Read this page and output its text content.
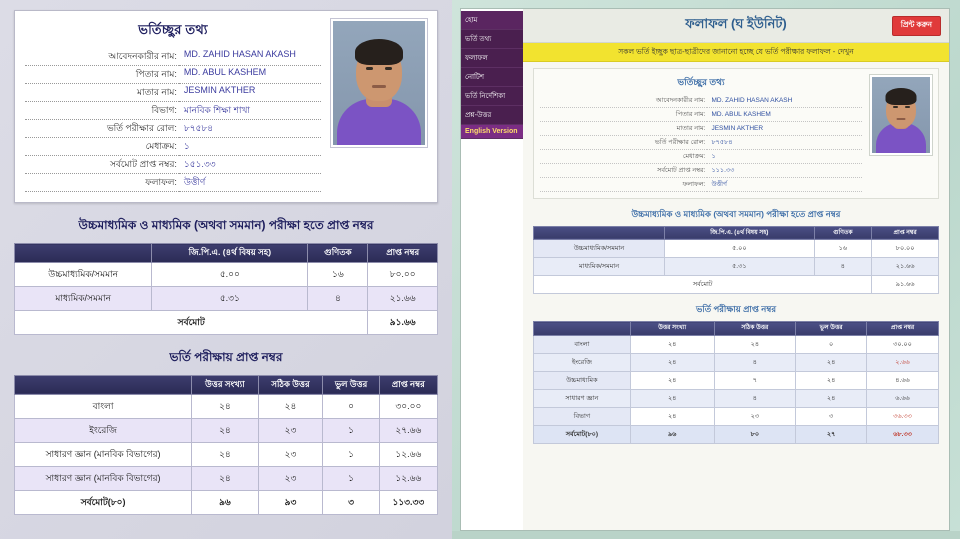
ভর্তিচ্ছুর তথ্য
আবেদনকারীর নাম:	MD. ZAHID HASAN AKASH
পিতার নাম:	MD. ABUL KASHEM
মাতার নাম:	JESMIN AKTHER
বিভাগ:	মানবিক শিক্ষা শাখা
ভর্তি পরীক্ষার রোল:	৮৭৫৮৪
মেধাক্রম:	১
সর্বমোট প্রাপ্ত নম্বর:	১৫১.৩৩
ফলাফল:	উত্তীর্ণ
উচ্চমাধ্যমিক ও মাধ্যমিক (অথবা সমমান) পরীক্ষা হতে প্রাপ্ত নম্বর
	জি.পি.এ. (৪র্থ বিষয় সহ)	গুণিতক	প্রাপ্ত নম্বর
উচ্চমাধ্যমিক/সমমান	৫.০০	১৬	৮০.০০
মাধ্যমিক/সমমান	৫.৩১	৪	২১.৬৬
সর্বমোট			৯১.৬৬
ভর্তি পরীক্ষায় প্রাপ্ত নম্বর
	উত্তর সংখ্যা	সঠিক উত্তর	ভুল উত্তর	প্রাপ্ত নম্বর
বাংলা	২৪	২৪	০	৩০.০০
ইংরেজি	২৪	২৩	১	২৭.৬৬
সাধারণ জ্ঞান (মানবিক বিভাগের)	২৪	২৩	১	১২.৬৬
সাধারণ জ্ঞান (মানবিক বিভাগের)	২৪	২৩	১	১২.৬৬
সর্বমোট(৮০)	৯৬	৯৩	৩	১১৩.৩৩
হোম
ভর্তি তথ্য
ফলাফল
নোটিশ
ভর্তি নির্দেশিকা
প্রশ্ন-উত্তর
English Version
ফলাফল (ঘ ইউনিট)	প্রিন্ট করুন
সকল ভর্তি ইচ্ছুক ছাত্র-ছাত্রীদের জানানো হচ্ছে যে ভর্তি পরীক্ষার ফলাফল - দেখুন
ভর্তিচ্ছুর তথ্য
আবেদনকারীর নাম:	MD. ZAHID HASAN AKASH
পিতার নাম:	MD. ABUL KASHEM
মাতার নাম:	JESMIN AKTHER
ভর্তি পরীক্ষার রোল:	৮৭৫৮৪
মেধাক্রম:	১
সর্বমোট প্রাপ্ত নম্বর:	১১১.৩৩
ফলাফল:	উত্তীর্ণ
উচ্চমাধ্যমিক ও মাধ্যমিক (অথবা সমমান) পরীক্ষা হতে প্রাপ্ত নম্বর
	জি.পি.এ. (৪র্থ বিষয় সহ)	গুণিতক	প্রাপ্ত নম্বর
উচ্চমাধ্যমিক/সমমান	৫.০০	১৬	৮০.০০
মাধ্যমিক/সমমান	৫.৩১	৪	২১.৬৬
সর্বমোট			৯১.৬৬
ভর্তি পরীক্ষায় প্রাপ্ত নম্বর
	উত্তর সংখ্যা	সঠিক উত্তর	ভুল উত্তর	প্রাপ্ত নম্বর
বাংলা	২৪	২৪	০	৩০.০০
ইংরেজি	২৪	৪	২৪	২.৬৬
উচ্চমাধ্যমিক	২৪	৭	২৪	৪.৬৬
সাধারণ জ্ঞান	২৪	৪	২৪	৬.৬৬
বিভাগ	২৪	২৩	৩	৩৬.৩৩
সর্বমোট(৮০)	৯৬	৮০	২৭	৬৮.৩৩
